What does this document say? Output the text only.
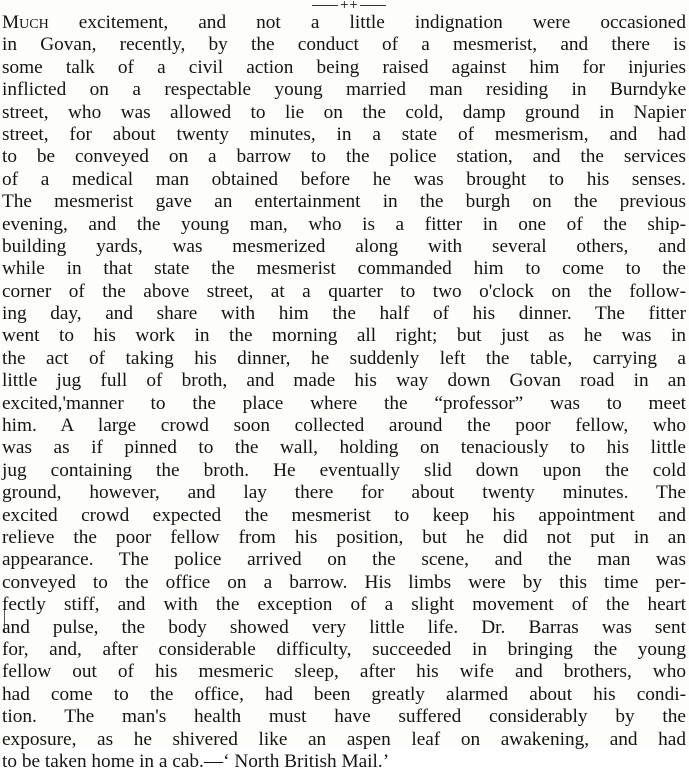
++
Much excitement, and not a little indignation were occasioned
in Govan, recently, by the conduct of a mesmerist, and there is
some talk of a civil action being raised against him for injuries
inflicted on a respectable young married man residing in Burndyke
street, who was allowed to lie on the cold, damp ground in Napier
street, for about twenty minutes, in a state of mesmerism, and had
to be conveyed on a barrow to the police station, and the services
of a medical man obtained before he was brought to his senses.
The mesmerist gave an entertainment in the burgh on the previous
evening, and the young man, who is a fitter in one of the ship-
building yards, was mesmerized along with several others, and
while in that state the mesmerist commanded him to come to the
corner of the above street, at a quarter to two o'clock on the follow-
ing day, and share with him the half of his dinner. The fitter
went to his work in the morning all right; but just as he was in
the act of taking his dinner, he suddenly left the table, carrying a
little jug full of broth, and made his way down Govan road in an
excited,'manner to the place where the “professor” was to meet
him. A large crowd soon collected around the poor fellow, who
was as if pinned to the wall, holding on tenaciously to his little
jug containing the broth. He eventually slid down upon the cold
ground, however, and lay there for about twenty minutes. The
excited crowd expected the mesmerist to keep his appointment and
relieve the poor fellow from his position, but he did not put in an
appearance. The police arrived on the scene, and the man was
conveyed to the office on a barrow. His limbs were by this time per-
fectly stiff, and with the exception of a slight movement of the heart
and pulse, the body showed very little life. Dr. Barras was sent
for, and, after considerable difficulty, succeeded in bringing the young
fellow out of his mesmeric sleep, after his wife and brothers, who
had come to the office, had been greatly alarmed about his condi-
tion. The man's health must have suffered considerably by the
exposure, as he shivered like an aspen leaf on awakening, and had
to be taken home in a cab.—‘ North British Mail.’
